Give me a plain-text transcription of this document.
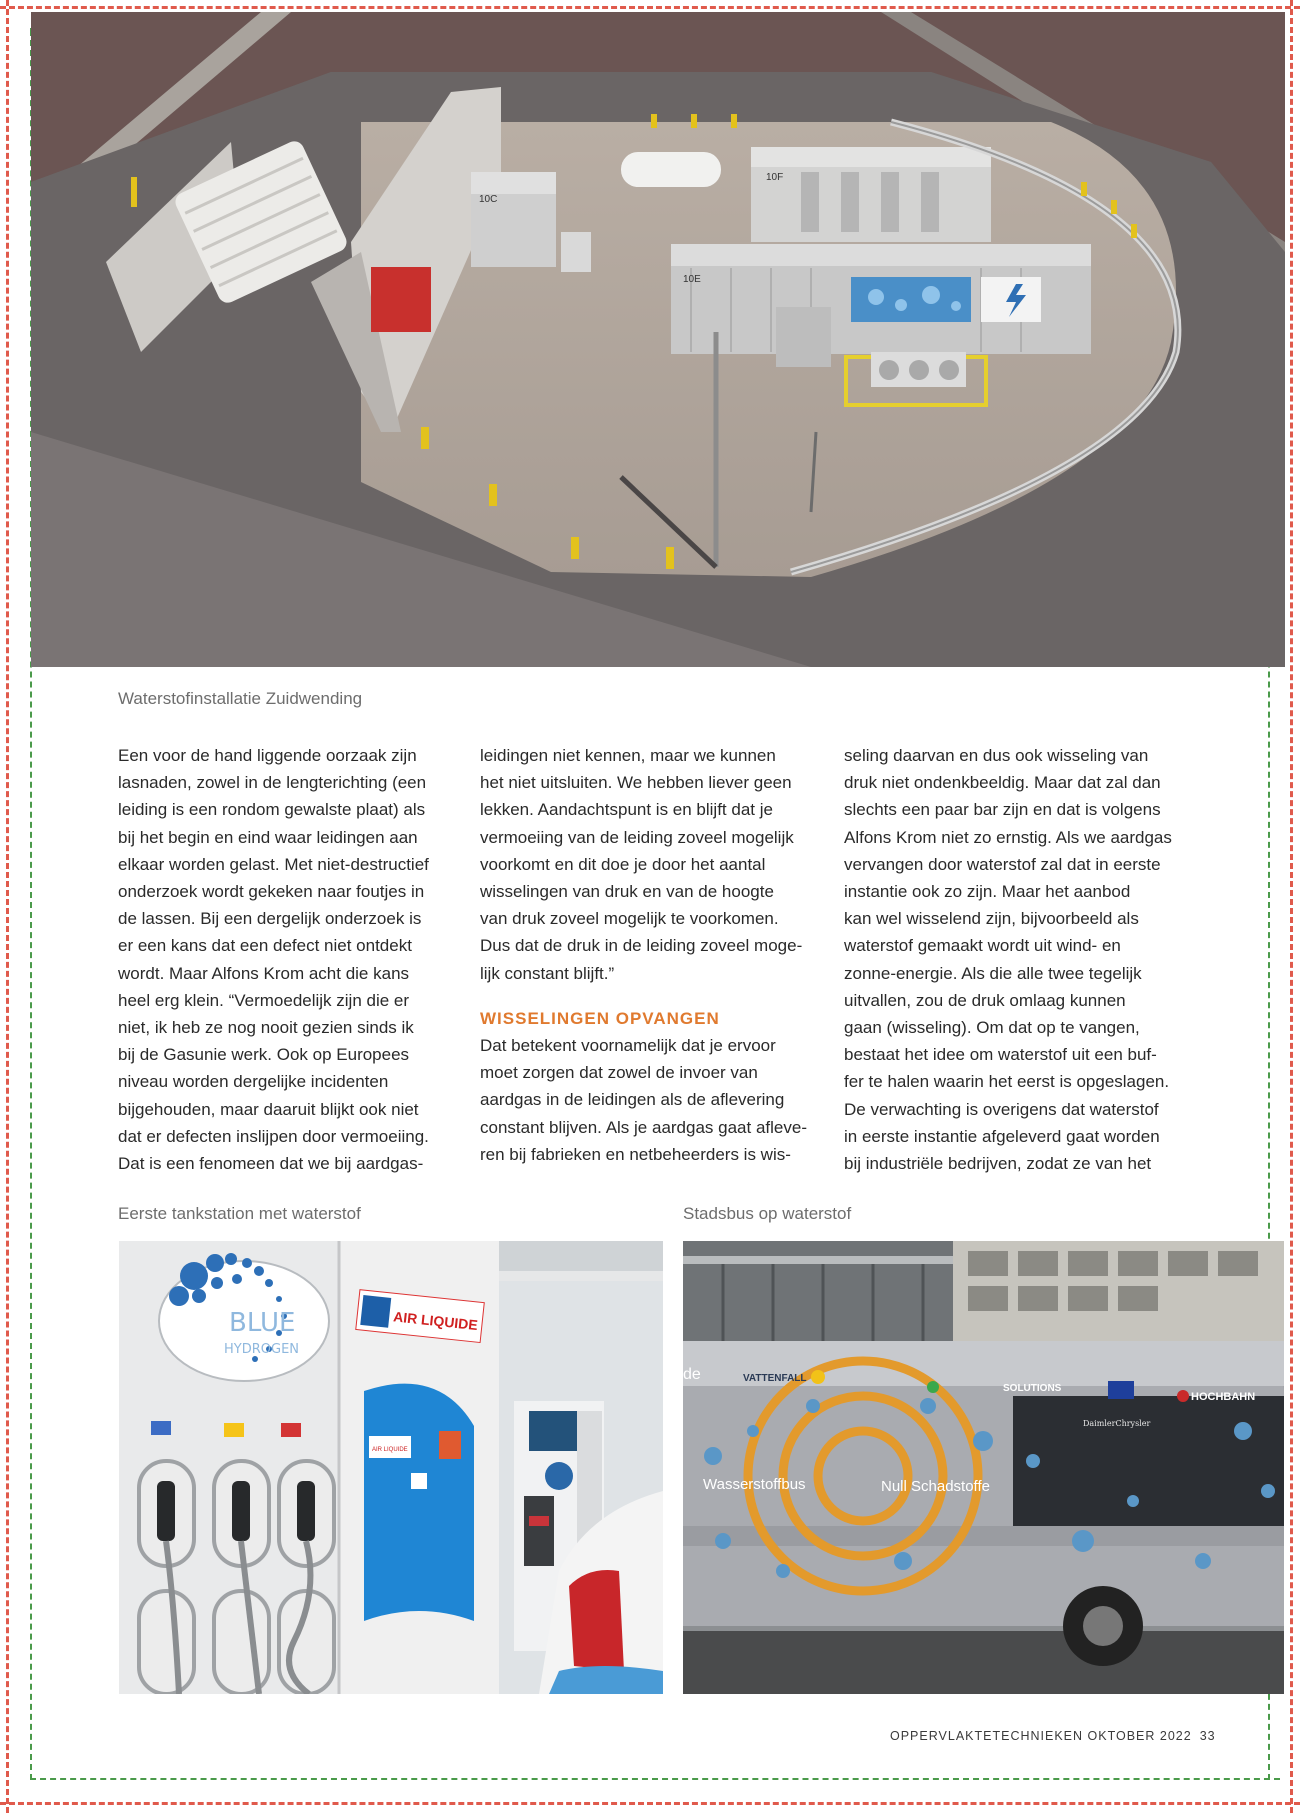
10C
10F
10E
Waterstofinstallatie Zuidwending
Een voor de hand liggende oorzaak zijn
lasnaden, zowel in de lengterichting (een
leiding is een rondom gewalste plaat) als
bij het begin en eind waar leidingen aan
elkaar worden gelast. Met niet-destructief
onderzoek wordt gekeken naar foutjes in
de lassen. Bij een dergelijk onderzoek is
er een kans dat een defect niet ontdekt
wordt. Maar Alfons Krom acht die kans
heel erg klein. “Vermoedelijk zijn die er
niet, ik heb ze nog nooit gezien sinds ik
bij de Gasunie werk. Ook op Europees
niveau worden dergelijke incidenten
bijgehouden, maar daaruit blijkt ook niet
dat er defecten inslijpen door vermoeiing.
Dat is een fenomeen dat we bij aardgas-
leidingen niet kennen, maar we kunnen
het niet uitsluiten. We hebben liever geen
lekken. Aandachtspunt is en blijft dat je
vermoeiing van de leiding zoveel mogelijk
voorkomt en dit doe je door het aantal
wisselingen van druk en van de hoogte
van druk zoveel mogelijk te voorkomen.
Dus dat de druk in de leiding zoveel moge-
lijk constant blijft.”
WISSELINGEN OPVANGEN
Dat betekent voornamelijk dat je ervoor
moet zorgen dat zowel de invoer van
aardgas in de leidingen als de aflevering
constant blijven. Als je aardgas gaat afleve-
ren bij fabrieken en netbeheerders is wis-
seling daarvan en dus ook wisseling van
druk niet ondenkbeeldig. Maar dat zal dan
slechts een paar bar zijn en dat is volgens
Alfons Krom niet zo ernstig. Als we aardgas
vervangen door waterstof zal dat in eerste
instantie ook zo zijn. Maar het aanbod
kan wel wisselend zijn, bijvoorbeeld als
waterstof gemaakt wordt uit wind- en
zonne-energie. Als die alle twee tegelijk
uitvallen, zou de druk omlaag kunnen
gaan (wisseling). Om dat op te vangen,
bestaat het idee om waterstof uit een buf-
fer te halen waarin het eerst is opgeslagen.
De verwachting is overigens dat waterstof
in eerste instantie afgeleverd gaat worden
bij industriële bedrijven, zodat ze van het
Eerste tankstation met waterstof	Stadsbus op waterstof
BLUE
HYDROGEN
AIR LIQUIDE
AIR LIQUIDE
de	VATTENFALL
SOLUTIONS
HOCHBAHN
DaimlerChrysler
Wasserstoffbus	Null Schadstoffe
OPPERVLAKTETECHNIEKEN OKTOBER 2022 33
